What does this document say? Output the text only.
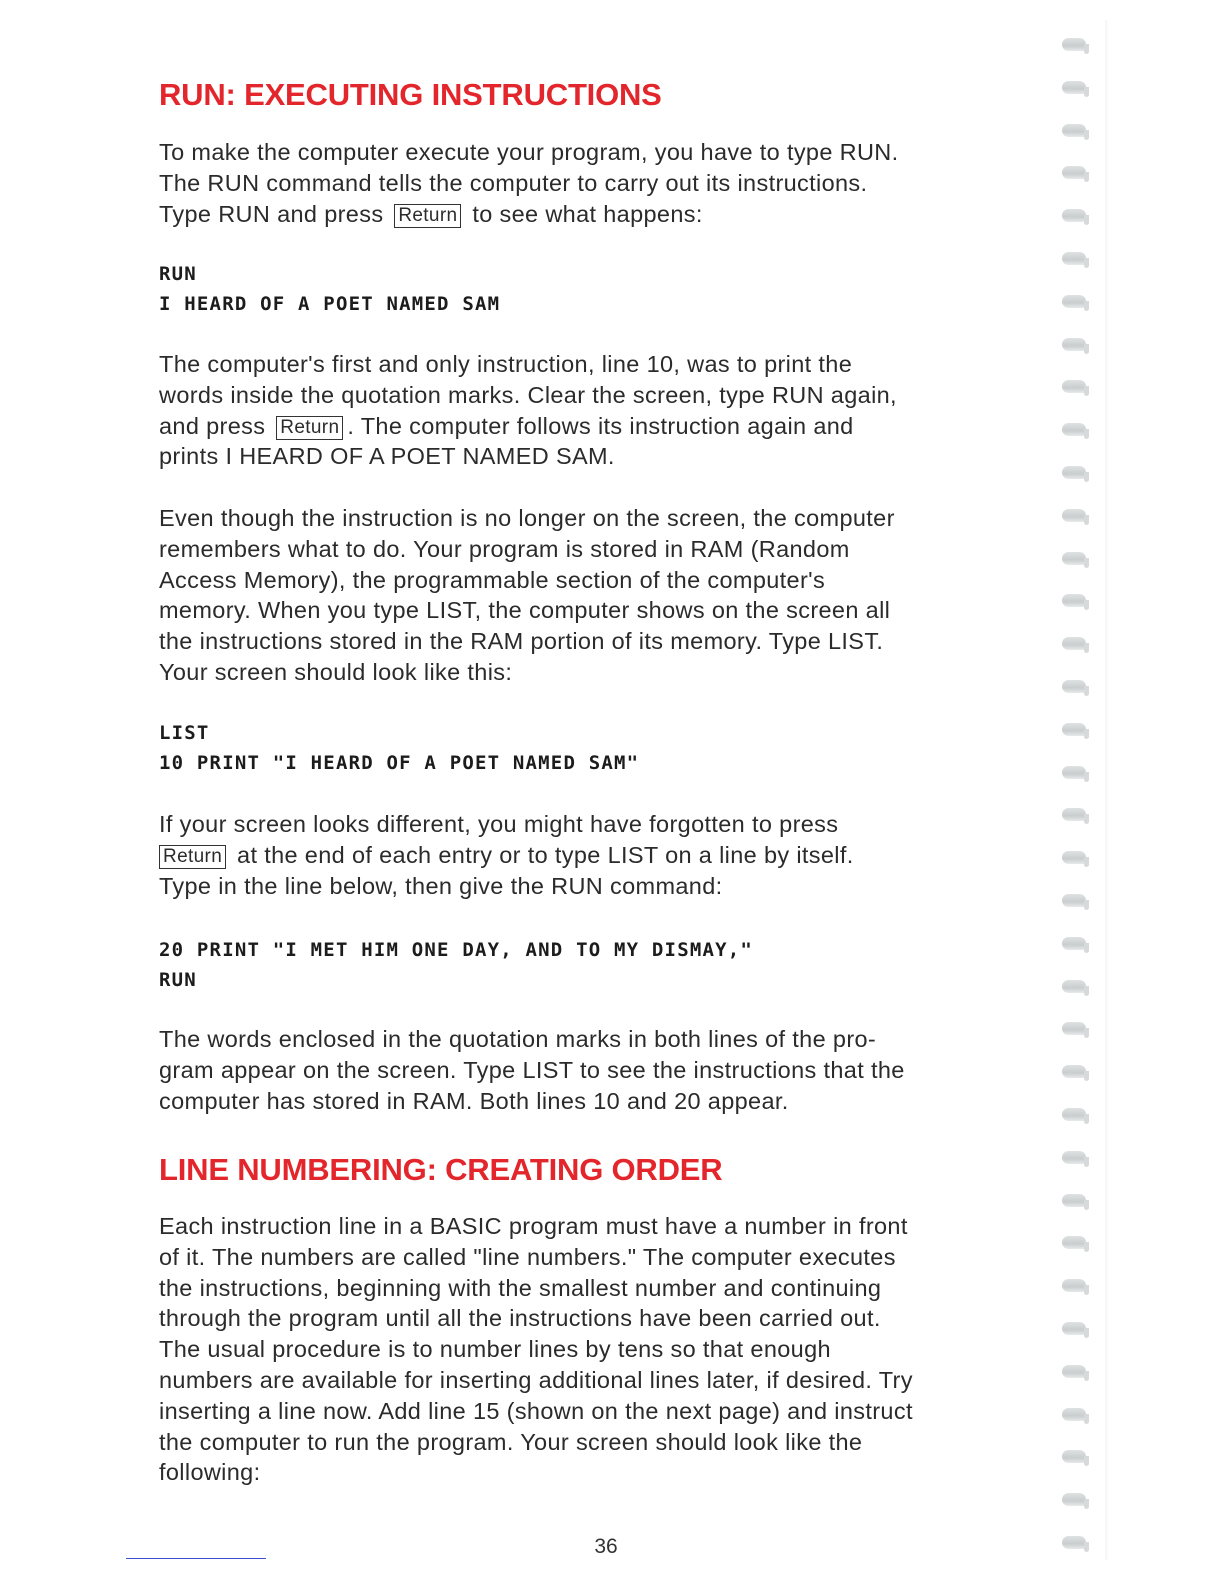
RUN: EXECUTING INSTRUCTIONS

To make the computer execute your program, you have to type RUN.
The RUN command tells the computer to carry out its instructions.
Type RUN and press Return to see what happens:

RUN
I HEARD OF A POET NAMED SAM

The computer's first and only instruction, line 10, was to print the
words inside the quotation marks. Clear the screen, type RUN again,
and press Return . The computer follows its instruction again and
prints I HEARD OF A POET NAMED SAM.

Even though the instruction is no longer on the screen, the computer
remembers what to do. Your program is stored in RAM (Random
Access Memory), the programmable section of the computer's
memory. When you type LIST, the computer shows on the screen all
the instructions stored in the RAM portion of its memory. Type LIST.
Your screen should look like this:

LIST
10 PRINT "I HEARD OF A POET NAMED SAM"

If your screen looks different, you might have forgotten to press
Return at the end of each entry or to type LIST on a line by itself.
Type in the line below, then give the RUN command:

20 PRINT "I MET HIM ONE DAY, AND TO MY DISMAY,"
RUN

The words enclosed in the quotation marks in both lines of the pro-
gram appear on the screen. Type LIST to see the instructions that the
computer has stored in RAM. Both lines 10 and 20 appear.

LINE NUMBERING: CREATING ORDER

Each instruction line in a BASIC program must have a number in front
of it. The numbers are called "line numbers." The computer executes
the instructions, beginning with the smallest number and continuing
through the program until all the instructions have been carried out.
The usual procedure is to number lines by tens so that enough
numbers are available for inserting additional lines later, if desired. Try
inserting a line now. Add line 15 (shown on the next page) and instruct
the computer to run the program. Your screen should look like the
following:

36
